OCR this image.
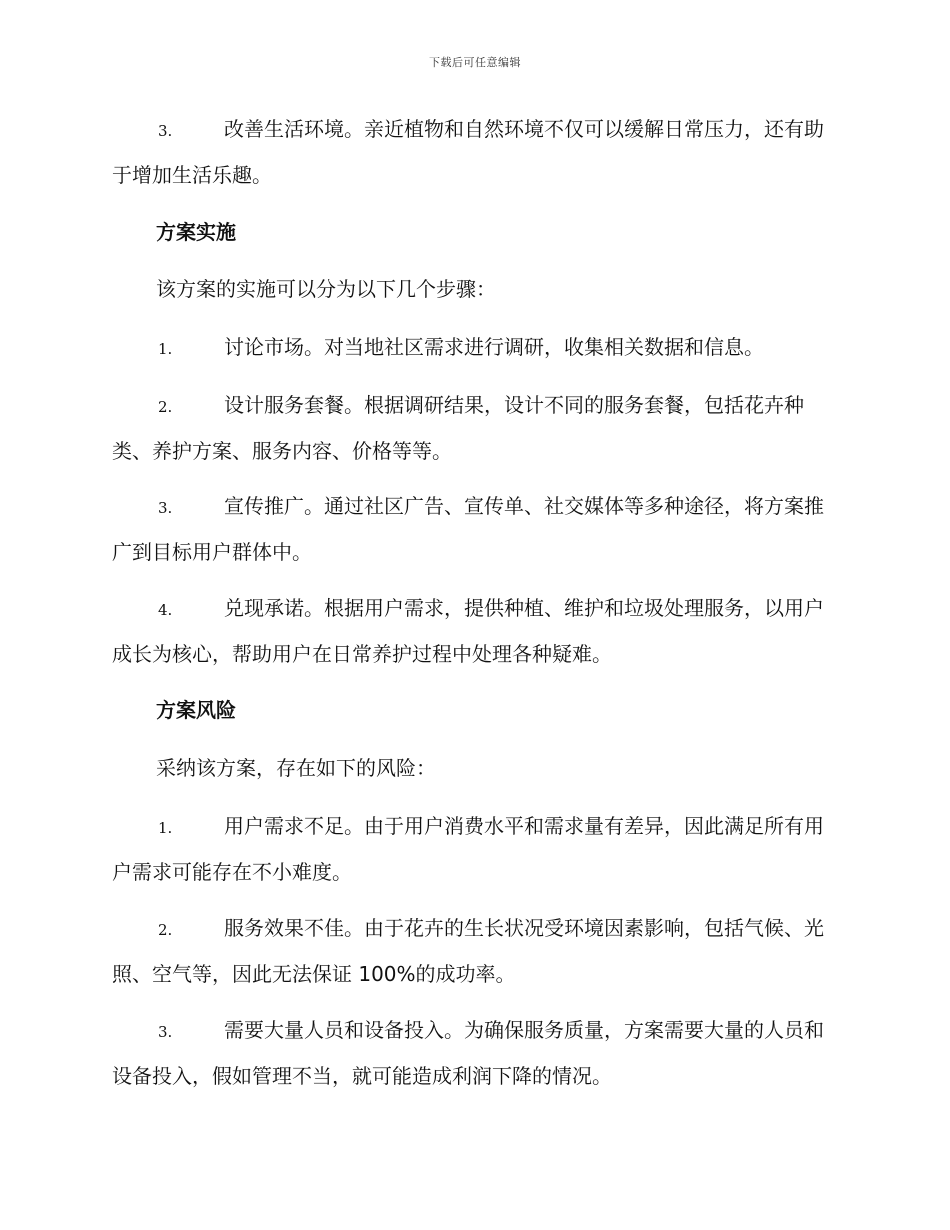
下载后可任意编辑

3.	改善生活环境。亲近植物和自然环境不仅可以缓解日常压力，还有助于增加生活乐趣。

方案实施

该方案的实施可以分为以下几个步骤：

1.	讨论市场。对当地社区需求进行调研，收集相关数据和信息。

2.	设计服务套餐。根据调研结果，设计不同的服务套餐，包括花卉种类、养护方案、服务内容、价格等等。

3.	宣传推广。通过社区广告、宣传单、社交媒体等多种途径，将方案推广到目标用户群体中。

4.	兑现承诺。根据用户需求，提供种植、维护和垃圾处理服务，以用户成长为核心，帮助用户在日常养护过程中处理各种疑难。

方案风险

采纳该方案，存在如下的风险：

1.	用户需求不足。由于用户消费水平和需求量有差异，因此满足所有用户需求可能存在不小难度。

2.	服务效果不佳。由于花卉的生长状况受环境因素影响，包括气候、光照、空气等，因此无法保证 100%的成功率。

3.	需要大量人员和设备投入。为确保服务质量，方案需要大量的人员和设备投入，假如管理不当，就可能造成利润下降的情况。
